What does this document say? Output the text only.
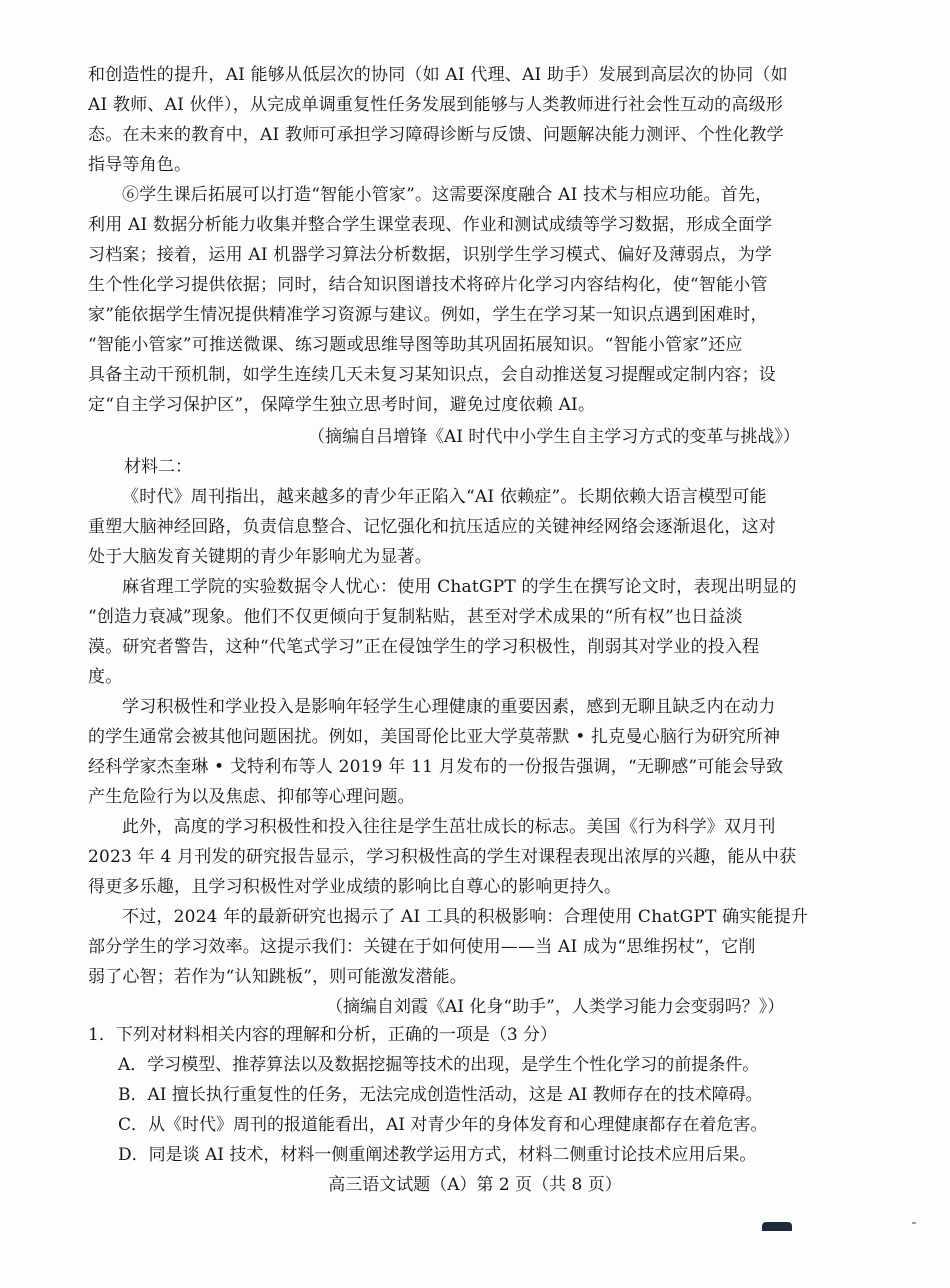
和创造性的提升，AI 能够从低层次的协同（如 AI 代理、AI 助手）发展到高层次的协同（如
AI 教师、AI 伙伴），从完成单调重复性任务发展到能够与人类教师进行社会性互动的高级形
态。在未来的教育中，AI 教师可承担学习障碍诊断与反馈、问题解决能力测评、个性化教学
指导等角色。
⑥学生课后拓展可以打造“智能小管家”。这需要深度融合 AI 技术与相应功能。首先，
利用 AI 数据分析能力收集并整合学生课堂表现、作业和测试成绩等学习数据，形成全面学
习档案；接着，运用 AI 机器学习算法分析数据，识别学生学习模式、偏好及薄弱点，为学
生个性化学习提供依据；同时，结合知识图谱技术将碎片化学习内容结构化，使“智能小管
家”能依据学生情况提供精准学习资源与建议。例如，学生在学习某一知识点遇到困难时，
“智能小管家”可推送微课、练习题或思维导图等助其巩固拓展知识。“智能小管家”还应
具备主动干预机制，如学生连续几天未复习某知识点，会自动推送复习提醒或定制内容；设
定“自主学习保护区”，保障学生独立思考时间，避免过度依赖 AI。
（摘编自吕增锋《AI 时代中小学生自主学习方式的变革与挑战》）
材料二：
《时代》周刊指出，越来越多的青少年正陷入“AI 依赖症”。长期依赖大语言模型可能
重塑大脑神经回路，负责信息整合、记忆强化和抗压适应的关键神经网络会逐渐退化，这对
处于大脑发育关键期的青少年影响尤为显著。
麻省理工学院的实验数据令人忧心：使用 ChatGPT 的学生在撰写论文时，表现出明显的
“创造力衰减”现象。他们不仅更倾向于复制粘贴，甚至对学术成果的“所有权”也日益淡
漠。研究者警告，这种“代笔式学习”正在侵蚀学生的学习积极性，削弱其对学业的投入程
度。
学习积极性和学业投入是影响年轻学生心理健康的重要因素，感到无聊且缺乏内在动力
的学生通常会被其他问题困扰。例如，美国哥伦比亚大学莫蒂默 • 扎克曼心脑行为研究所神
经科学家杰奎琳 • 戈特利布等人 2019 年 11 月发布的一份报告强调，“无聊感”可能会导致
产生危险行为以及焦虑、抑郁等心理问题。
此外，高度的学习积极性和投入往往是学生茁壮成长的标志。美国《行为科学》双月刊
2023 年 4 月刊发的研究报告显示，学习积极性高的学生对课程表现出浓厚的兴趣，能从中获
得更多乐趣，且学习积极性对学业成绩的影响比自尊心的影响更持久。
不过，2024 年的最新研究也揭示了 AI 工具的积极影响：合理使用 ChatGPT 确实能提升
部分学生的学习效率。这提示我们：关键在于如何使用——当 AI 成为“思维拐杖”，它削
弱了心智；若作为“认知跳板”，则可能激发潜能。
（摘编自刘霞《AI 化身“助手”，人类学习能力会变弱吗？》）
1．下列对材料相关内容的理解和分析，正确的一项是（3 分）
A．学习模型、推荐算法以及数据挖掘等技术的出现，是学生个性化学习的前提条件。
B．AI 擅长执行重复性的任务，无法完成创造性活动，这是 AI 教师存在的技术障碍。
C．从《时代》周刊的报道能看出，AI 对青少年的身体发育和心理健康都存在着危害。
D．同是谈 AI 技术，材料一侧重阐述教学运用方式，材料二侧重讨论技术应用后果。
高三语文试题（A）第 2 页（共 8 页）
